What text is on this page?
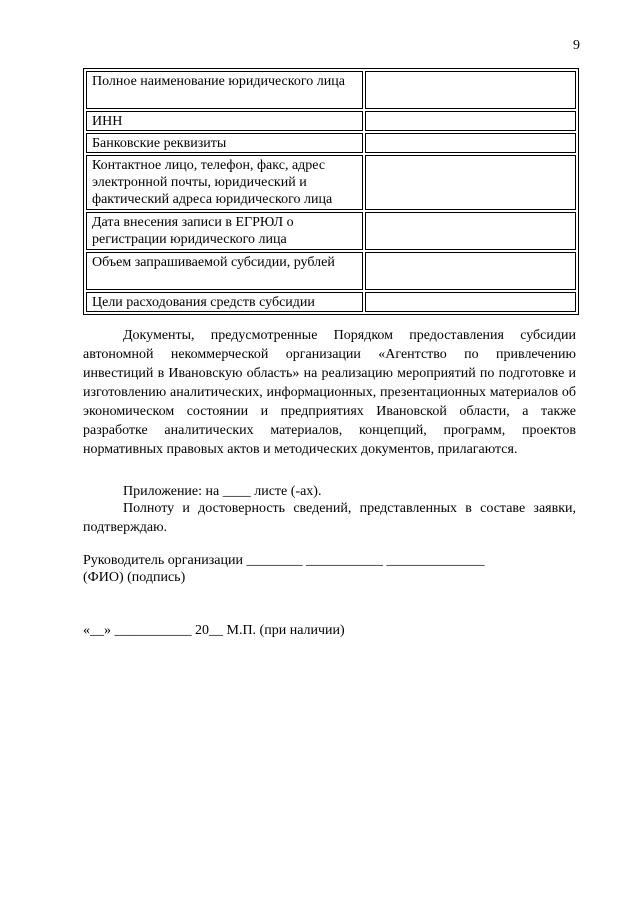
9
Полное наименование юридического лица	
ИНН	
Банковские реквизиты	
Контактное лицо, телефон, факс, адрес электронной почты, юридический и фактический адреса юридического лица	
Дата внесения записи в ЕГРЮЛ о регистрации юридического лица	
Объем запрашиваемой субсидии, рублей	
Цели расходования средств субсидии	
Документы, предусмотренные Порядком предоставления субсидии автономной некоммерческой организации «Агентство по привлечению инвестиций в Ивановскую область» на реализацию мероприятий по подготовке и изготовлению аналитических, информационных, презентационных материалов об экономическом состоянии и предприятиях Ивановской области, а также разработке аналитических материалов, концепций, программ, проектов нормативных правовых актов и методических документов, прилагаются.
Приложение: на ____ листе (-ах).
Полноту и достоверность сведений, представленных в составе заявки, подтверждаю.
Руководитель организации ________ ___________ ______________
(ФИО) (подпись)
«__» ___________ 20__ М.П. (при наличии)
